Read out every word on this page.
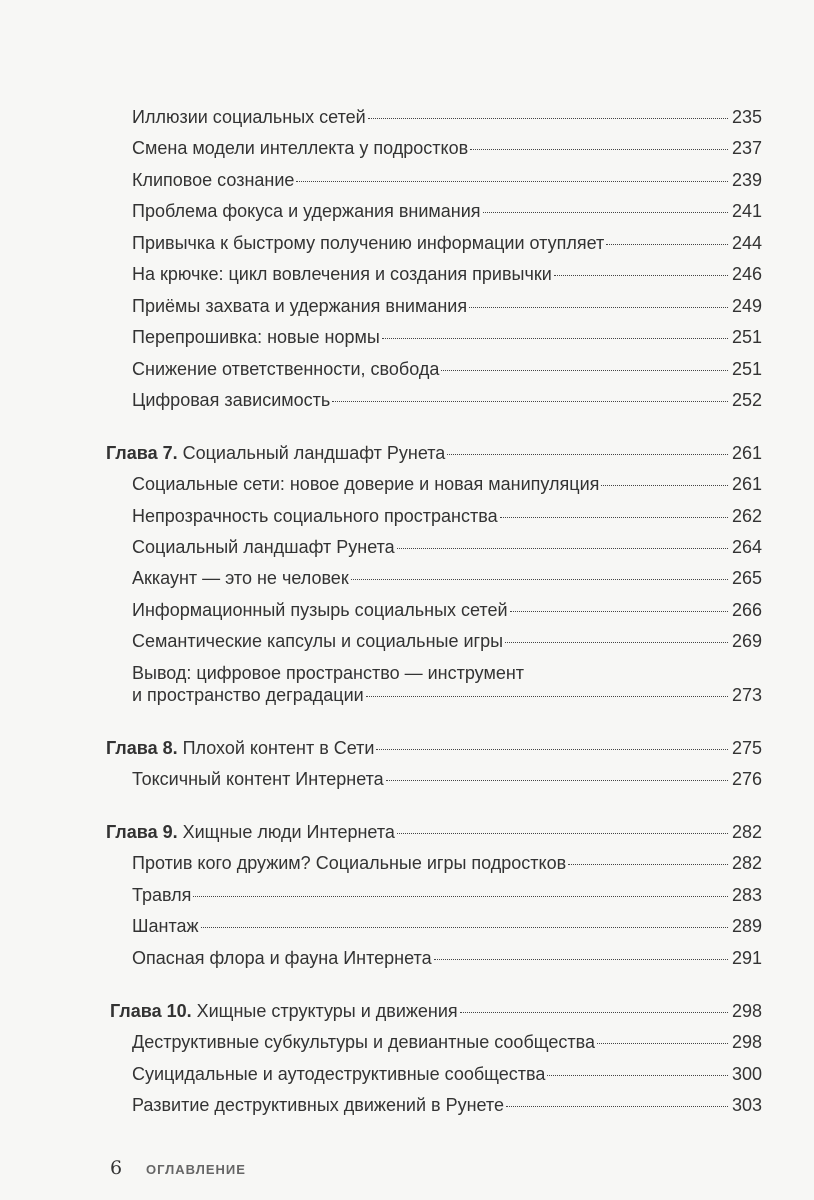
Иллюзии социальных сетей	235
Смена модели интеллекта у подростков	237
Клиповое сознание	239
Проблема фокуса и удержания внимания	241
Привычка к быстрому получению информации отупляет	244
На крючке: цикл вовлечения и создания привычки	246
Приёмы захвата и удержания внимания	249
Перепрошивка: новые нормы	251
Снижение ответственности, свобода	251
Цифровая зависимость	252
Глава 7. Социальный ландшафт Рунета	261
Социальные сети: новое доверие и новая манипуляция	261
Непрозрачность социального пространства	262
Социальный ландшафт Рунета	264
Аккаунт — это не человек	265
Информационный пузырь социальных сетей	266
Семантические капсулы и социальные игры	269
Вывод: цифровое пространство — инструмент
и пространство деградации	273
Глава 8. Плохой контент в Сети	275
Токсичный контент Интернета	276
Глава 9. Хищные люди Интернета	282
Против кого дружим? Социальные игры подростков	282
Травля	283
Шантаж	289
Опасная флора и фауна Интернета	291
Глава 10. Хищные структуры и движения	298
Деструктивные субкультуры и девиантные сообщества	298
Суицидальные и аутодеструктивные сообщества	300
Развитие деструктивных движений в Рунете	303
6 ОГЛАВЛЕНИЕ
